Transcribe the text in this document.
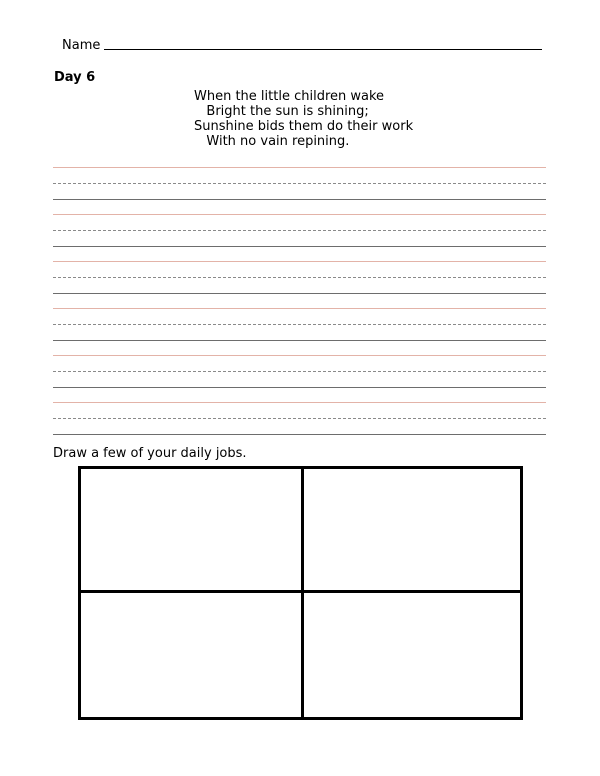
Name
Day 6
When the little children wake
Bright the sun is shining;
Sunshine bids them do their work
With no vain repining.
Draw a few of your daily jobs.
